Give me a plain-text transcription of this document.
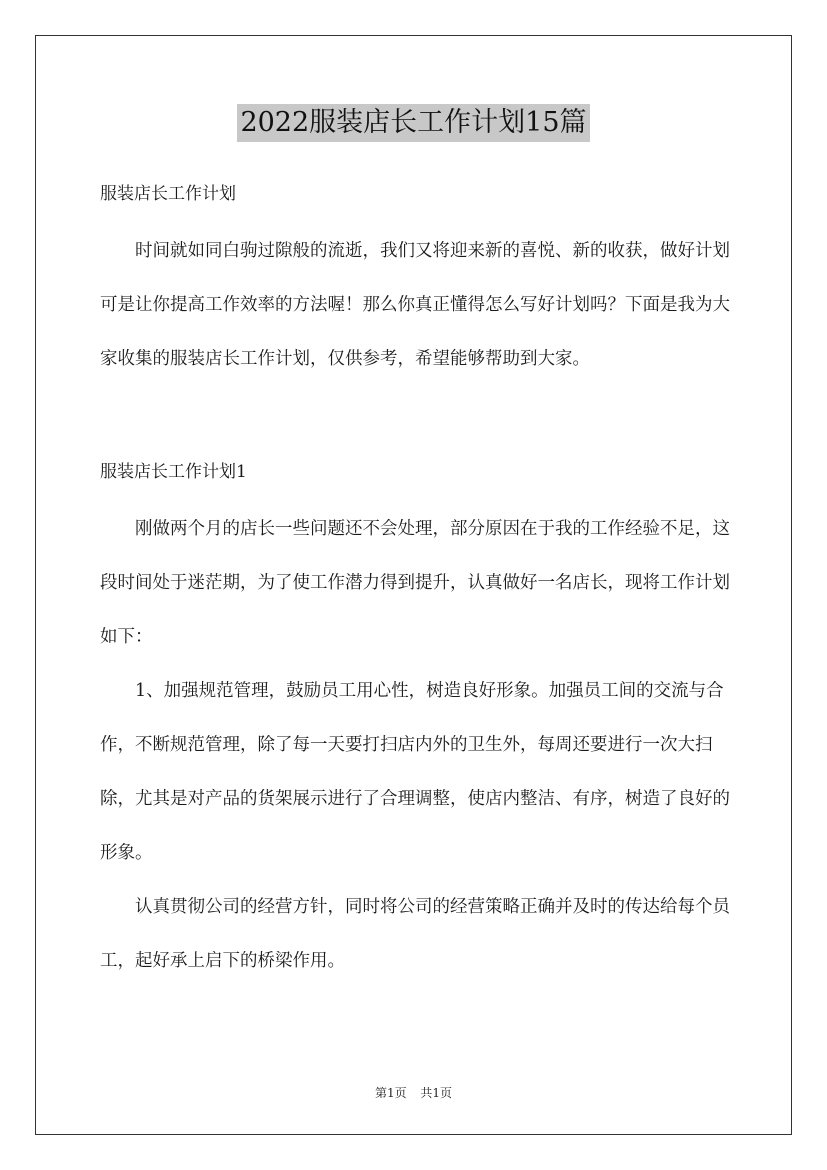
2022服装店长工作计划15篇

服装店长工作计划

时间就如同白驹过隙般的流逝，我们又将迎来新的喜悦、新的收获，做好计划可是让你提高工作效率的方法喔！那么你真正懂得怎么写好计划吗？下面是我为大家收集的服装店长工作计划，仅供参考，希望能够帮助到大家。

服装店长工作计划1

刚做两个月的店长一些问题还不会处理，部分原因在于我的工作经验不足，这段时间处于迷茫期，为了使工作潜力得到提升，认真做好一名店长，现将工作计划如下：

1、加强规范管理，鼓励员工用心性，树造良好形象。加强员工间的交流与合作，不断规范管理，除了每一天要打扫店内外的卫生外，每周还要进行一次大扫除，尤其是对产品的货架展示进行了合理调整，使店内整洁、有序，树造了良好的形象。

认真贯彻公司的经营方针，同时将公司的经营策略正确并及时的传达给每个员工，起好承上启下的桥梁作用。

第1页 共1页
